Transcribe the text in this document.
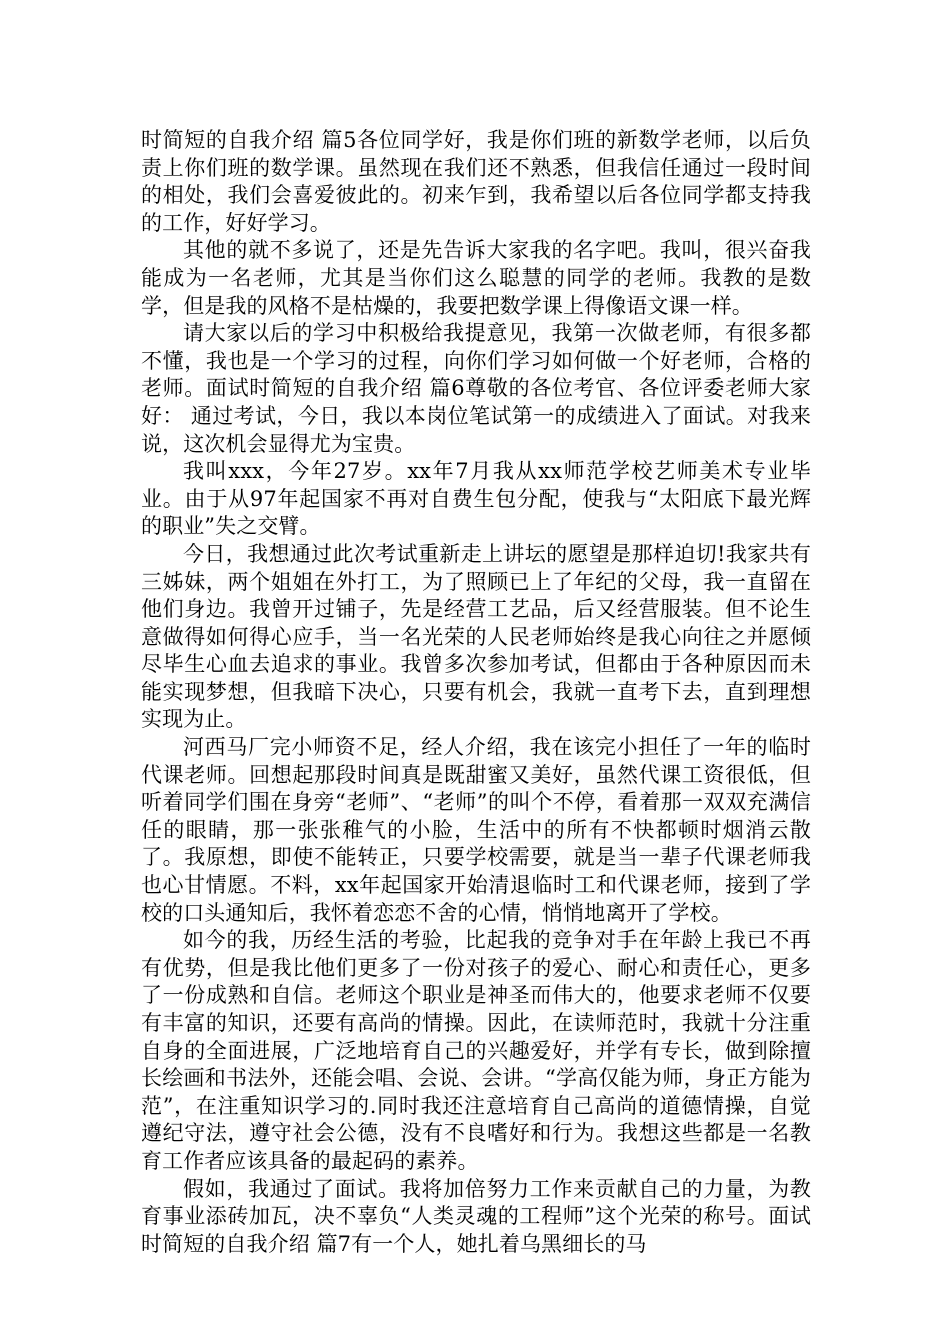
时简短的自我介绍 篇5各位同学好，我是你们班的新数学老师，以后负责上你们班的数学课。虽然现在我们还不熟悉，但我信任通过一段时间的相处，我们会喜爱彼此的。初来乍到，我希望以后各位同学都支持我的工作，好好学习。

其他的就不多说了，还是先告诉大家我的名字吧。我叫，很兴奋我能成为一名老师，尤其是当你们这么聪慧的同学的老师。我教的是数学，但是我的风格不是枯燥的，我要把数学课上得像语文课一样。

请大家以后的学习中积极给我提意见，我第一次做老师，有很多都不懂，我也是一个学习的过程，向你们学习如何做一个好老师，合格的老师。面试时简短的自我介绍 篇6尊敬的各位考官、各位评委老师大家好： 通过考试，今日，我以本岗位笔试第一的成绩进入了面试。对我来说，这次机会显得尤为宝贵。

我叫xxx，今年27岁。xx年7月我从xx师范学校艺师美术专业毕业。由于从97年起国家不再对自费生包分配，使我与“太阳底下最光辉的职业”失之交臂。

今日，我想通过此次考试重新走上讲坛的愿望是那样迫切!我家共有三姊妹，两个姐姐在外打工，为了照顾已上了年纪的父母，我一直留在他们身边。我曾开过铺子，先是经营工艺品，后又经营服装。但不论生意做得如何得心应手，当一名光荣的人民老师始终是我心向往之并愿倾尽毕生心血去追求的事业。我曾多次参加考试，但都由于各种原因而未能实现梦想，但我暗下决心，只要有机会，我就一直考下去，直到理想实现为止。

河西马厂完小师资不足，经人介绍，我在该完小担任了一年的临时代课老师。回想起那段时间真是既甜蜜又美好，虽然代课工资很低，但听着同学们围在身旁“老师”、“老师”的叫个不停，看着那一双双充满信任的眼睛，那一张张稚气的小脸，生活中的所有不快都顿时烟消云散了。我原想，即使不能转正，只要学校需要，就是当一辈子代课老师我也心甘情愿。不料，xx年起国家开始清退临时工和代课老师，接到了学校的口头通知后，我怀着恋恋不舍的心情，悄悄地离开了学校。

如今的我，历经生活的考验，比起我的竞争对手在年龄上我已不再有优势，但是我比他们更多了一份对孩子的爱心、耐心和责任心，更多了一份成熟和自信。老师这个职业是神圣而伟大的，他要求老师不仅要有丰富的知识，还要有高尚的情操。因此，在读师范时，我就十分注重自身的全面进展，广泛地培育自己的兴趣爱好，并学有专长，做到除擅长绘画和书法外，还能会唱、会说、会讲。“学高仅能为师，身正方能为范”，在注重知识学习的.同时我还注意培育自己高尚的道德情操，自觉遵纪守法，遵守社会公德，没有不良嗜好和行为。我想这些都是一名教育工作者应该具备的最起码的素养。

假如，我通过了面试。我将加倍努力工作来贡献自己的力量，为教育事业添砖加瓦，决不辜负“人类灵魂的工程师”这个光荣的称号。面试时简短的自我介绍 篇7有一个人，她扎着乌黑细长的马
